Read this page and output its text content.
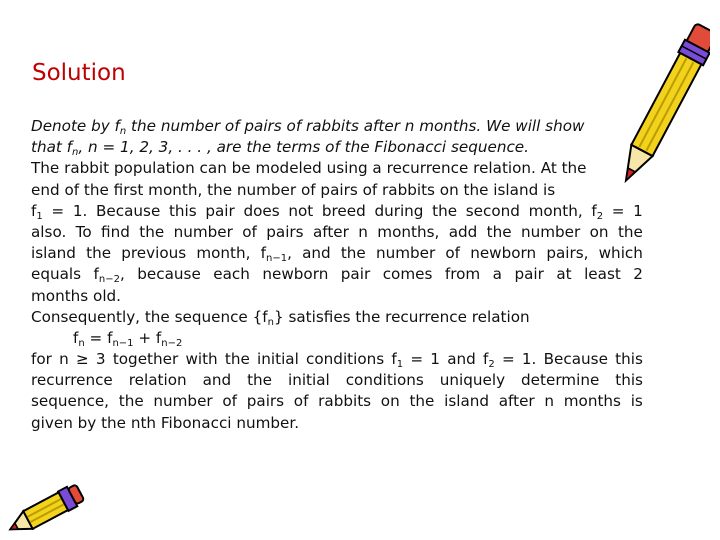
Solution
Denote by $f_n$ the number of pairs of rabbits after n months. We will show
that $f_n$, n = 1, 2, 3, . . . , are the terms of the Fibonacci sequence.
The rabbit population can be modeled using a recurrence relation. At the
end of the first month, the number of pairs of rabbits on the island is
$f_1 = 1$. Because this pair does not breed during the second month, $f_2 = 1$
also. To find the number of pairs after n months, add the number on the
island the previous month, $f_{n-1}$, and the number of newborn pairs, which
equals $f_{n-2}$, because each newborn pair comes from a pair at least 2
months old.
Consequently, the sequence $\{f_n\}$ satisfies the recurrence relation
$f_n = f_{n-1} + f_{n-2}$
for n ≥ 3 together with the initial conditions $f_1 = 1$ and $f_2 = 1$. Because this
recurrence relation and the initial conditions uniquely determine this
sequence, the number of pairs of rabbits on the island after n months is
given by the nth Fibonacci number.
